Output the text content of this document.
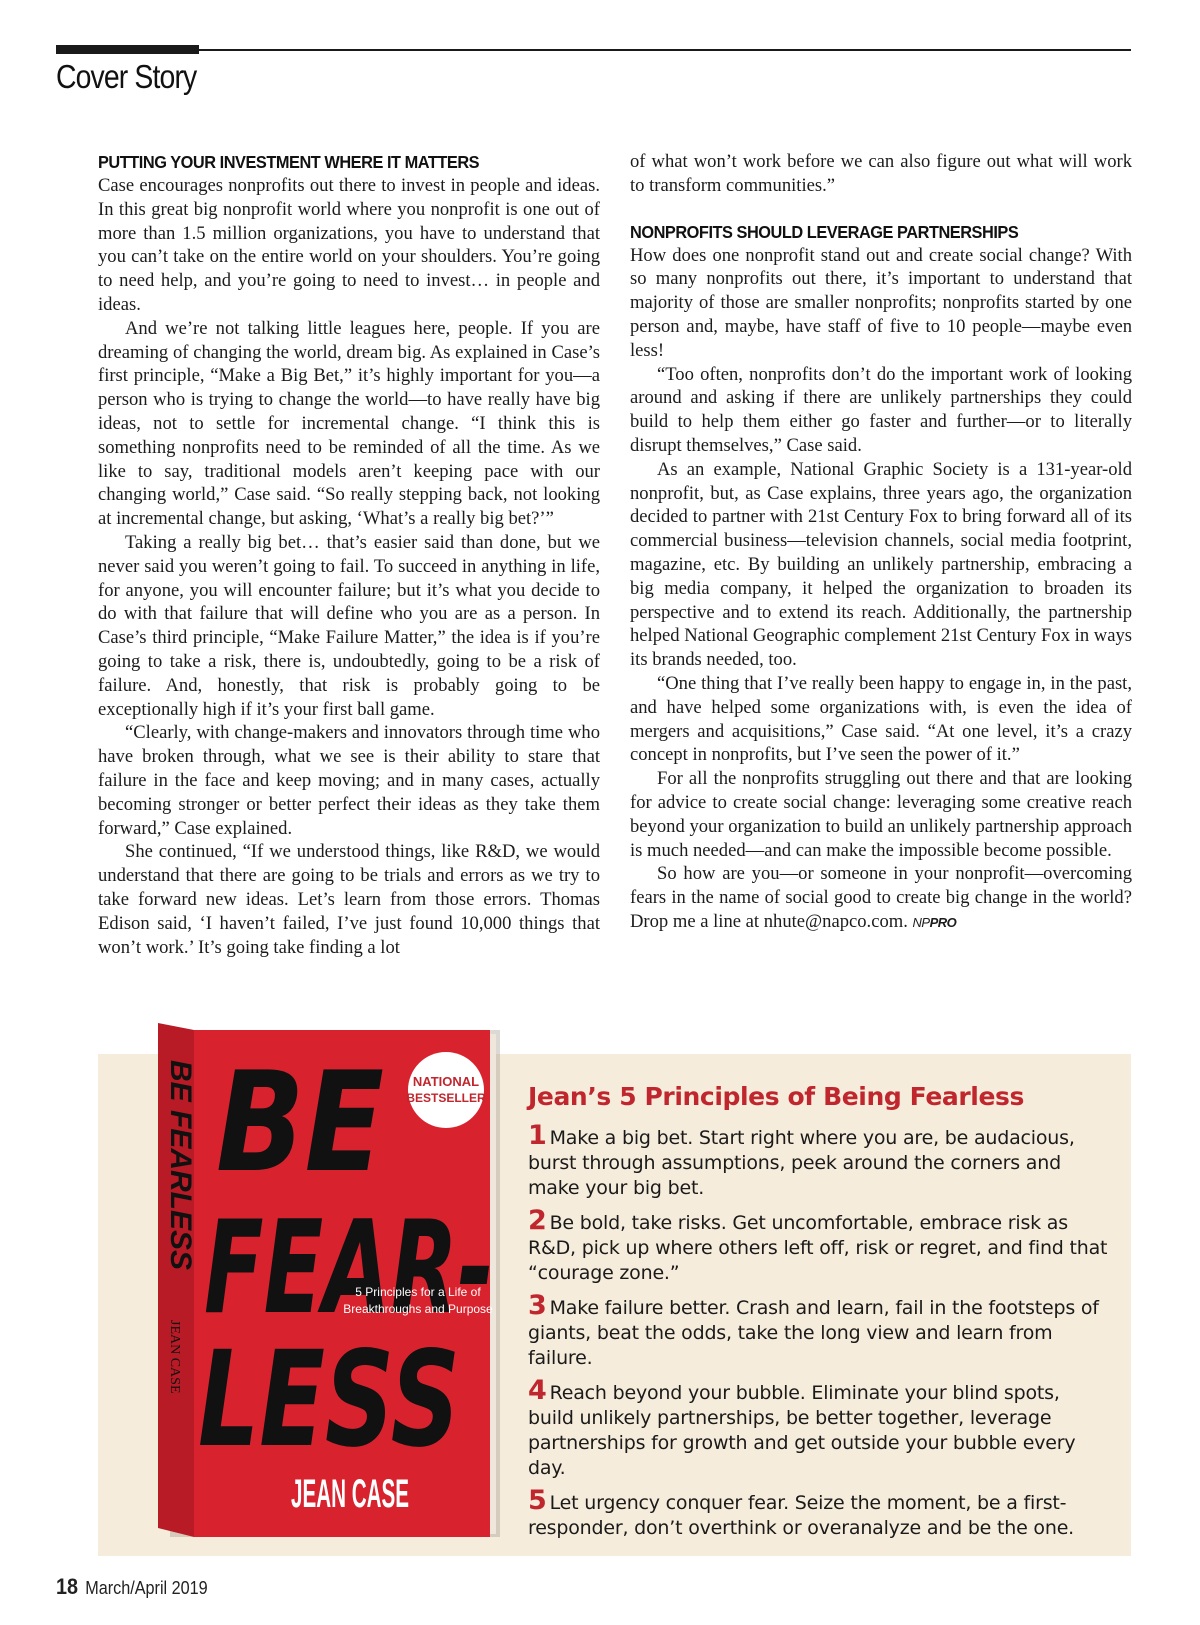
Cover Story
PUTTING YOUR INVESTMENT WHERE IT MATTERS

Case encourages nonprofits out there to invest in people and ideas. In this great big nonprofit world where you nonprofit is one out of more than 1.5 million organizations, you have to understand that you can’t take on the entire world on your shoulders. You’re going to need help, and you’re going to need to invest… in people and ideas.

And we’re not talking little leagues here, people. If you are dreaming of changing the world, dream big. As explained in Case’s first principle, “Make a Big Bet,” it’s highly important for you—a person who is trying to change the world—to have really have big ideas, not to settle for incremental change. “I think this is something nonprofits need to be reminded of all the time. As we like to say, traditional models aren’t keeping pace with our changing world,” Case said. “So really stepping back, not looking at incremental change, but asking, ‘What’s a really big bet?’”

Taking a really big bet… that’s easier said than done, but we never said you weren’t going to fail. To succeed in anything in life, for anyone, you will encounter failure; but it’s what you decide to do with that failure that will define who you are as a person. In Case’s third principle, “Make Failure Matter,” the idea is if you’re going to take a risk, there is, undoubtedly, going to be a risk of failure. And, honestly, that risk is probably going to be exceptionally high if it’s your first ball game.

“Clearly, with change-makers and innovators through time who have broken through, what we see is their ability to stare that failure in the face and keep moving; and in many cases, actually becoming stronger or better perfect their ideas as they take them forward,” Case explained.

She continued, “If we understood things, like R&D, we would understand that there are going to be trials and errors as we try to take forward new ideas. Let’s learn from those errors. Thomas Edison said, ‘I haven’t failed, I’ve just found 10,000 things that won’t work.’ It’s going take finding a lot

of what won’t work before we can also figure out what will work to transform communities.”

NONPROFITS SHOULD LEVERAGE PARTNERSHIPS

How does one nonprofit stand out and create social change? With so many nonprofits out there, it’s important to understand that majority of those are smaller nonprofits; nonprofits started by one person and, maybe, have staff of five to 10 people—maybe even less!

“Too often, nonprofits don’t do the important work of looking around and asking if there are unlikely partnerships they could build to help them either go faster and further—or to literally disrupt themselves,” Case said.

As an example, National Graphic Society is a 131-year-old nonprofit, but, as Case explains, three years ago, the organization decided to partner with 21st Century Fox to bring forward all of its commercial business—television channels, social media footprint, magazine, etc. By building an unlikely partnership, embracing a big media company, it helped the organization to broaden its perspective and to extend its reach. Additionally, the partnership helped National Geographic complement 21st Century Fox in ways its brands needed, too.

“One thing that I’ve really been happy to engage in, in the past, and have helped some organizations with, is even the idea of mergers and acquisitions,” Case said. “At one level, it’s a crazy concept in nonprofits, but I’ve seen the power of it.”

For all the nonprofits struggling out there and that are looking for advice to create social change: leveraging some creative reach beyond your organization to build an unlikely partnership approach is much needed—and can make the impossible become possible.

So how are you—or someone in your nonprofit—overcoming fears in the name of social good to create big change in the world? Drop me a line at nhute@napco.com. NPPRO

Jean’s 5 Principles of Being Fearless

1 Make a big bet. Start right where you are, be audacious, burst through assumptions, peek around the corners and make your big bet.

2 Be bold, take risks. Get uncomfortable, embrace risk as R&D, pick up where others left off, risk or regret, and find that “courage zone.”

3 Make failure better. Crash and learn, fail in the footsteps of giants, beat the odds, take the long view and learn from failure.

4 Reach beyond your bubble. Eliminate your blind spots, build unlikely partnerships, be better together, leverage partnerships for growth and get outside your bubble every day.

5 Let urgency conquer fear. Seize the moment, be a first-responder, don’t overthink or overanalyze and be the one.

BE FEARLESS
JEAN CASE
BE
FEAR-
LESS
NATIONAL
BESTSELLER
5 Principles for a Life of
Breakthroughs and Purpose
JEAN CASE
18 March/April 2019
